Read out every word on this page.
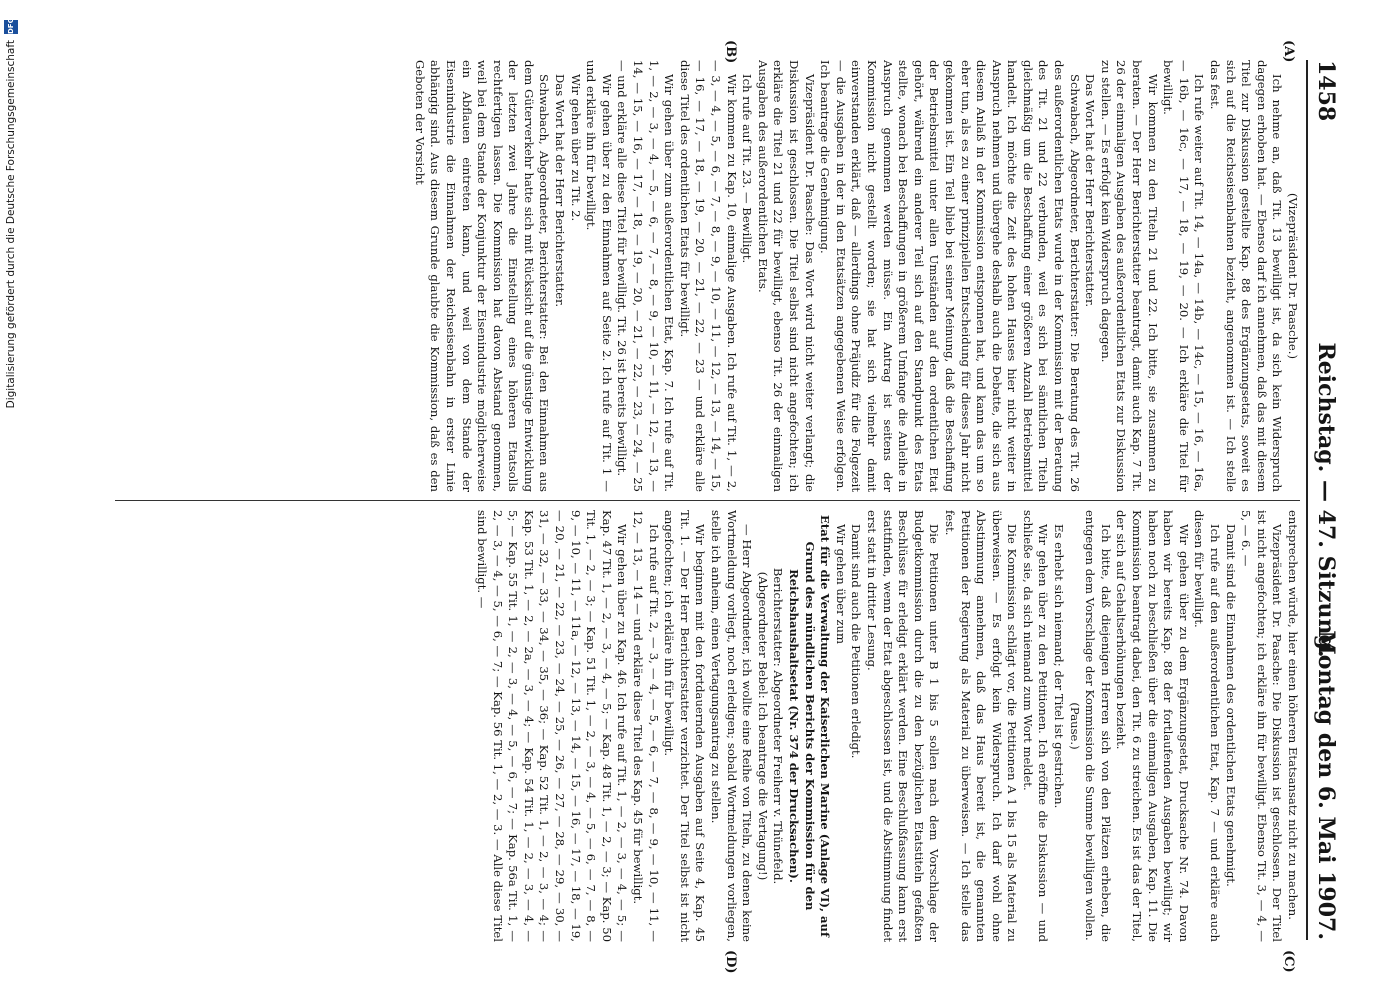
1458
Reichstag. — 47. Sitzung.
Montag den 6. Mai 1907.
(A)
(B)
(C)
(D)

(Vizepräsident Dr. Paasche.)

Ich nehme an, daß Tit. 13 bewilligt ist, da sich kein Widerspruch dagegen erhoben hat. — Ebenso darf ich annehmen, daß das mit diesem Titel zur Diskussion gestellte Kap. 88 des Ergänzungsetats, soweit es sich auf die Reichseisenbahnen bezieht, angenommen ist. — Ich stelle das fest.

Ich rufe weiter auf Tit. 14, — 14a, — 14b, — 14c, — 15, — 16, — 16a, — 16b, — 16c, — 17, — 18, — 19, — 20. — Ich erkläre die Titel für bewilligt.

Wir kommen zu den Titeln 21 und 22. Ich bitte, sie zusammen zu beraten. — Der Herr Berichterstatter beantragt, damit auch Kap. 7 Tit. 26 der einmaligen Ausgaben des außerordentlichen Etats zur Diskussion zu stellen. — Es erfolgt kein Widerspruch dagegen.

Das Wort hat der Herr Berichterstatter.

Schwabach, Abgeordneter, Berichterstatter: Die Beratung des Tit. 26 des außerordentlichen Etats wurde in der Kommission mit der Beratung des Tit. 21 und 22 verbunden, weil es sich bei sämtlichen Titeln gleichmäßig um die Beschaffung einer größeren Anzahl Betriebsmittel handelt. Ich möchte die Zeit des hohen Hauses hier nicht weiter in Anspruch nehmen und übergehe deshalb auch die Debatte, die sich aus diesem Anlaß in der Kommission entsponnen hat, und kann das um so eher tun, als es zu einer prinzipiellen Entscheidung für dieses Jahr nicht gekommen ist. Ein Teil blieb bei seiner Meinung, daß die Beschaffung der Betriebsmittel unter allen Umständen auf den ordentlichen Etat gehört, während ein anderer Teil sich auf den Standpunkt des Etats stellte, wonach bei Beschaffungen in größerem Umfange die Anleihe in Anspruch genommen werden müsse. Ein Antrag ist seitens der Kommission nicht gestellt worden; sie hat sich vielmehr damit einverstanden erklärt, daß — allerdings ohne Präjudiz für die Folgezeit — die Ausgaben in der in den Etatsätzen angegebenen Weise erfolgen. Ich beantrage die Genehmigung.

Vizepräsident Dr. Paasche: Das Wort wird nicht weiter verlangt; die Diskussion ist geschlossen. Die Titel selbst sind nicht angefochten; ich erkläre die Titel 21 und 22 für bewilligt, ebenso Tit. 26 der einmaligen Ausgaben des außerordentlichen Etats.

Ich rufe auf Tit. 23. — Bewilligt.

Wir kommen zu Kap. 10, einmalige Ausgaben. Ich rufe auf Tit. 1, — 2, — 3, — 4, — 5, — 6, — 7, — 8, — 9, — 10, — 11, — 12, — 13, — 14, — 15, — 16, — 17, — 18, — 19, — 20, — 21, — 22, — 23 — und erkläre alle diese Titel des ordentlichen Etats für bewilligt.

Wir gehen über zum außerordentlichen Etat, Kap. 7. Ich rufe auf Tit. 1, — 2, — 3, — 4, — 5, — 6, — 7, — 8, — 9, — 10, — 11, — 12, — 13, — 14, — 15, — 16, — 17, — 18, — 19, — 20, — 21, — 22, — 23, — 24, — 25 — und erkläre alle diese Titel für bewilligt. Tit. 26 ist bereits bewilligt.

Wir gehen über zu den Einnahmen auf Seite 2. Ich rufe auf Tit. 1 — und erkläre ihn für bewilligt.

Wir gehen über zu Tit. 2.

Das Wort hat der Herr Berichterstatter.

Schwabach, Abgeordneter, Berichterstatter: Bei den Einnahmen aus dem Güterverkehr hatte sich mit Rücksicht auf die günstige Entwicklung der letzten zwei Jahre die Einstellung eines höheren Etatsolls rechtfertigen lassen. Die Kommission hat davon Abstand genommen, weil bei dem Stande der Konjunktur der Eisenindustrie möglicherweise ein Abflauen eintreten kann, und weil von dem Stande der Eisenindustrie die Einnahmen der Reichseisenbahn in erster Linie abhängig sind. Aus diesem Grunde glaubte die Kommission, daß es den Geboten der Vorsicht

entsprechen würde, hier einen höheren Etatsansatz nicht zu machen.

Vizepräsident Dr. Paasche: Die Diskussion ist geschlossen. Der Titel ist nicht angefochten; ich erkläre ihn für bewilligt. Ebenso Tit. 3, — 4, — 5, — 6. —

Damit sind die Einnahmen des ordentlichen Etats genehmigt.

Ich rufe auf den außerordentlichen Etat, Kap. 7 — und erkläre auch diesen für bewilligt.

Wir gehen über zu dem Ergänzungsetat, Drucksache Nr. 74. Davon haben wir bereits Kap. 88 der fortlaufenden Ausgaben bewilligt; wir haben noch zu beschließen über die einmaligen Ausgaben, Kap. 11. Die Kommission beantragt dabei, den Tit. 6 zu streichen. Es ist das der Titel, der sich auf Gehaltserhöhungen bezieht.

Ich bitte, daß diejenigen Herren sich von den Plätzen erheben, die entgegen dem Vorschlage der Kommission die Summe bewilligen wollen.

(Pause.)

Es erhebt sich niemand; der Titel ist gestrichen.

Wir gehen über zu den Petitionen. Ich eröffne die Diskussion — und schließe sie, da sich niemand zum Wort meldet.

Die Kommission schlägt vor, die Petitionen A 1 bis 15 als Material zu überweisen. — Es erfolgt kein Widerspruch. Ich darf wohl ohne Abstimmung annehmen, daß das Haus bereit ist, die genannten Petitionen der Regierung als Material zu überweisen. — Ich stelle das fest.

Die Petitionen unter B 1 bis 5 sollen nach dem Vorschlage der Budgetkommission durch die zu den bezüglichen Etatstiteln gefaßten Beschlüsse für erledigt erklärt werden. Eine Beschlußfassung kann erst stattfinden, wenn der Etat abgeschlossen ist, und die Abstimmung findet erst statt in dritter Lesung.

Damit sind auch die Petitionen erledigt.

Wir gehen über zum

Etat für die Verwaltung der Kaiserlichen Marine (Anlage VI), auf Grund des mündlichen Berichts der Kommission für den Reichshaushaltsetat (Nr. 374 der Drucksachen).

Berichterstatter: Abgeordneter Freiherr v. Thünefeld.

(Abgeordneter Bebel: Ich beantrage die Vertagung!)

— Herr Abgeordneter, ich wollte eine Reihe von Titeln, zu denen keine Wortmeldung vorliegt, noch erledigen; sobald Wortmeldungen vorliegen, stelle ich anheim, einen Vertagungsantrag zu stellen.

Wir beginnen mit den fortdauernden Ausgaben auf Seite 4, Kap. 45 Tit. 1. — Der Herr Berichterstatter verzichtet. Der Titel selbst ist nicht angefochten; ich erkläre ihn für bewilligt.

Ich rufe auf Tit. 2, — 3, — 4, — 5, — 6, — 7, — 8, — 9, — 10, — 11, — 12, — 13, — 14 — und erkläre diese Titel des Kap. 45 für bewilligt.

Wir gehen über zu Kap. 46. Ich rufe auf Tit. 1, — 2, — 3, — 4, — 5; — Kap. 47 Tit. 1, — 2, — 3, — 4, — 5; — Kap. 48 Tit. 1, — 2, — 3; — Kap. 50 Tit. 1, — 2, — 3; — Kap. 51 Tit. 1, — 2, — 3, — 4, — 5, — 6, — 7, — 8, — 9, — 10, — 11, — 11a, — 12, — 13, — 14, — 15, — 16, — 17, — 18, — 19, — 20, — 21, — 22, — 23, — 24, — 25, — 26, — 27, — 28, — 29, — 30, — 31, — 32, — 33, — 34, — 35, — 36; — Kap. 52 Tit. 1, — 2, — 3, — 4; — Kap. 53 Tit. 1, — 2, — 2a, — 3, — 4; — Kap. 54 Tit. 1, — 2, — 3, — 4, — 5; — Kap. 55 Tit. 1, — 2, — 3, — 4, — 5, — 6, — 7; — Kap. 56a Tit. 1, — 2, — 3, — 4, — 5, — 6, — 7; — Kap. 56 Tit. 1, — 2, — 3. — Alle diese Titel sind bewilligt. —

Digitalisierung gefördert durch die Deutsche Forschungsgemeinschaft
DFG
